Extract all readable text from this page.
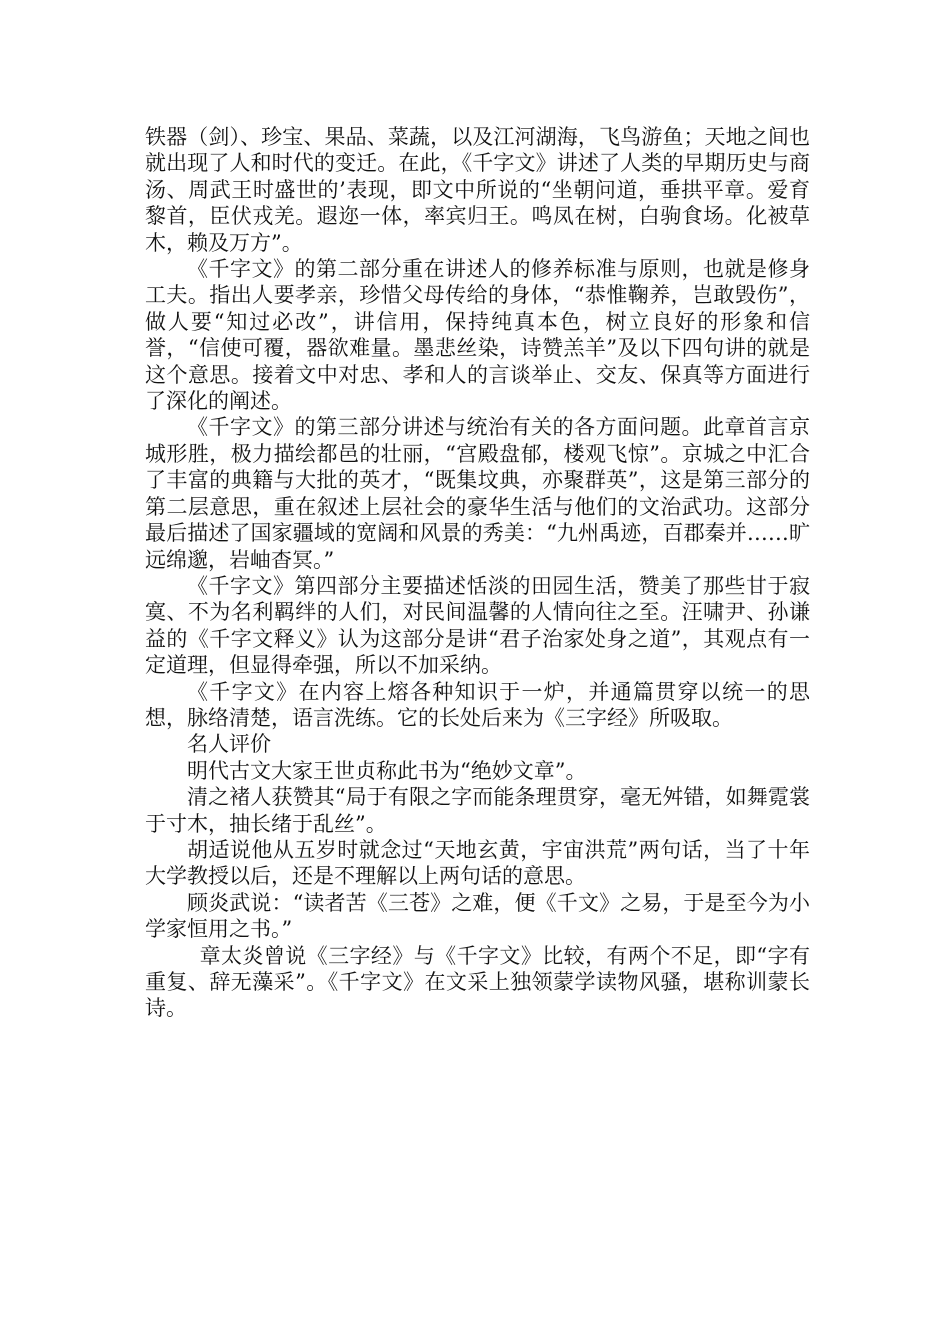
铁器（剑）、珍宝、果品、菜蔬，以及江河湖海，飞鸟游鱼；天地之间也就出现了人和时代的变迁。在此，《千字文》讲述了人类的早期历史与商汤、周武王时盛世的’表现，即文中所说的“坐朝问道，垂拱平章。爱育黎首，臣伏戎羌。遐迩一体，率宾归王。鸣凤在树，白驹食场。化被草木，赖及万方”。

《千字文》的第二部分重在讲述人的修养标准与原则，也就是修身工夫。指出人要孝亲，珍惜父母传给的身体，“恭惟鞠养，岂敢毁伤”，做人要“知过必改”，讲信用，保持纯真本色，树立良好的形象和信誉，“信使可覆，器欲难量。墨悲丝染，诗赞羔羊”及以下四句讲的就是这个意思。接着文中对忠、孝和人的言谈举止、交友、保真等方面进行了深化的阐述。

《千字文》的第三部分讲述与统治有关的各方面问题。此章首言京城形胜，极力描绘都邑的壮丽，“宫殿盘郁，楼观飞惊”。京城之中汇合了丰富的典籍与大批的英才，“既集坟典，亦聚群英”，这是第三部分的第二层意思，重在叙述上层社会的豪华生活与他们的文治武功。这部分最后描述了国家疆域的宽阔和风景的秀美：“九州禹迹，百郡秦并……旷远绵邈，岩岫杳冥。”

《千字文》第四部分主要描述恬淡的田园生活，赞美了那些甘于寂寞、不为名利羁绊的人们，对民间温馨的人情向往之至。汪啸尹、孙谦益的《千字文释义》认为这部分是讲“君子治家处身之道”，其观点有一定道理，但显得牵强，所以不加采纳。

《千字文》在内容上熔各种知识于一炉，并通篇贯穿以统一的思想，脉络清楚，语言洗练。它的长处后来为《三字经》所吸取。

名人评价

明代古文大家王世贞称此书为“绝妙文章”。

清之褚人获赞其“局于有限之字而能条理贯穿，毫无舛错，如舞霓裳于寸木，抽长绪于乱丝”。

胡适说他从五岁时就念过“天地玄黄，宇宙洪荒”两句话，当了十年大学教授以后，还是不理解以上两句话的意思。

顾炎武说：“读者苦《三苍》之难，便《千文》之易，于是至今为小学家恒用之书。”

章太炎曾说《三字经》与《千字文》比较，有两个不足，即“字有重复、辞无藻采”。《千字文》在文采上独领蒙学读物风骚，堪称训蒙长诗。
